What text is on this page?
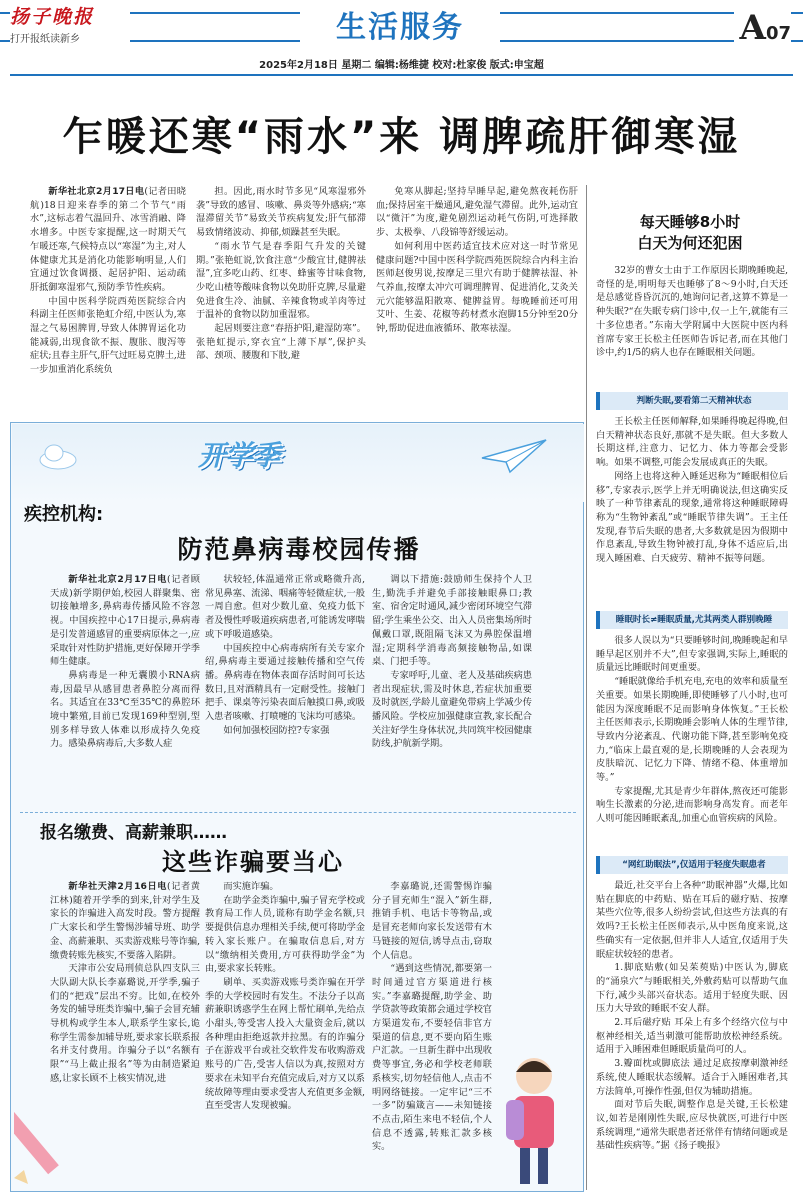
扬子晚报
打开报纸读新乡	生活服务	A07
2025年2月18日 星期二 编辑:杨维捷 校对:杜家俊 版式:申宝超
乍暖还寒“雨水”来 调脾疏肝御寒湿

新华社北京2月17日电(记者田晓航)18日迎来春季的第二个节气“雨水”,这标志着气温回升、冰雪消融、降水增多。中医专家提醒,这一时期天气乍暖还寒,气候特点以“寒湿”为主,对人体健康尤其是消化功能影响明显,人们宜通过饮食调摄、起居护阳、运动疏肝抵御寒湿邪气,预防季节性疾病。

中国中医科学院西苑医院综合内科副主任医师张艳虹介绍,中医认为,寒湿之气易困脾胃,导致人体脾胃运化功能减弱,出现食欲不振、腹胀、腹泻等症状;且春主肝气,肝气过旺易克脾土,进一步加重消化系统负

担。因此,雨水时节多见“风寒湿邪外袭”导致的感冒、咳嗽、鼻炎等外感病;“寒湿滞留关节”易致关节疾病复发;肝气郁滞易致情绪波动、抑郁,烦躁甚至失眠。

“雨水节气是春季阳气升发的关键期。”张艳虹说,饮食注意“少酸宜甘,健脾祛湿”,宜多吃山药、红枣、蜂蜜等甘味食物,少吃山楂等酸味食物以免助肝克脾,尽量避免进食生冷、油腻、辛辣食物或羊肉等过于温补的食物以防加重湿邪。

起居则要注意“春捂护阳,避湿防寒”。张艳虹提示,穿衣宜“上薄下厚”,保护头部、颈项、腰腹和下肢,避

免寒从脚起;坚持早睡早起,避免熬夜耗伤肝血;保持居室干燥通风,避免湿气滞留。此外,运动宜以“微汗”为度,避免剧烈运动耗气伤阴,可选择散步、太极拳、八段锦等舒缓运动。

如何利用中医药适宜技术应对这一时节常见健康问题?中国中医科学院西苑医院综合内科主治医师赵俊男说,按摩足三里穴有助于健脾祛湿、补气养血,按摩太冲穴可调理脾胃、促进消化,艾灸关元穴能够温阳散寒、健脾益胃。每晚睡前还可用艾叶、生姜、花椒等药材煮水泡脚15分钟至20分钟,帮助促进血液循环、散寒祛湿。

每天睡够8小时
白天为何还犯困

32岁的曹女士由于工作原因长期晚睡晚起,奇怪的是,明明每天也睡够了8～9小时,白天还是总感觉昏昏沉沉的,她询问记者,这算不算是一种失眠?“在失眠专病门诊中,仅一上午,就能有三十多位患者。”东南大学附属中大医院中医内科首席专家王长松主任医师告诉记者,而在其他门诊中,约1/5的病人也存在睡眠相关问题。

判断失眠,要看第二天精神状态

王长松主任医师解释,如果睡得晚起得晚,但白天精神状态良好,那就不是失眠。但大多数人长期这样,注意力、记忆力、体力等都会受影响。如果不调整,可能会发展成真正的失眠。

网络上也将这种入睡延迟称为“睡眠相位后移”,专家表示,医学上并无明确说法,但这确实反映了一种节律紊乱的现象,通常将这种睡眠障碍称为“生物钟紊乱”或“睡眠节律失调”。王主任发现,春节后失眠的患者,大多数就是因为假期中作息紊乱,导致生物钟被打乱,身体不适应后,出现入睡困难、白天疲劳、精神不振等问题。

睡眠时长≠睡眠质量,尤其两类人群别晚睡

很多人误以为“只要睡够时间,晚睡晚起和早睡早起区别并不大”,但专家强调,实际上,睡眠的质量远比睡眠时间更重要。

“睡眠就像给手机充电,充电的效率和质量至关重要。如果长期晚睡,即使睡够了八小时,也可能因为深度睡眠不足而影响身体恢复。”王长松主任医师表示,长期晚睡会影响人体的生理节律,导致内分泌紊乱、代谢功能下降,甚至影响免疫力,“临床上最直观的是,长期晚睡的人会表现为皮肤暗沉、记忆力下降、情绪不稳、体重增加等。”

专家提醒,尤其是青少年群体,熬夜还可能影响生长激素的分泌,进而影响身高发育。而老年人则可能因睡眠紊乱,加重心血管疾病的风险。

“网红助眠法”,仅适用于轻度失眠患者

最近,社交平台上各种“助眠神器”火爆,比如贴在脚底的中药贴、贴在耳后的磁疗贴、按摩某些穴位等,很多人纷纷尝试,但这些方法真的有效吗?王长松主任医师表示,从中医角度来说,这些确实有一定依据,但并非人人适宜,仅适用于失眠症状较轻的患者。

1.脚底贴敷(如吴茱萸贴)中医认为,脚底的“涌泉穴”与睡眠相关,外敷药贴可以帮助气血下行,减少头部兴奋状态。适用于轻度失眠、因压力大导致的睡眠不安人群。

2.耳后磁疗贴 耳朵上有多个经络穴位与中枢神经相关,适当刺激可能帮助放松神经系统。适用于入睡困难但睡眠质量尚可的人。

3.瓣面枕或脚底法 通过足底按摩刺激神经系统,使人睡眠状态缓解。适合于入睡困难者,其方法简单,可操作性强,但仅为辅助措施。

面对节后失眠,调整作息是关键,王长松建议,如若是刚刚性失眠,应尽快就医,可进行中医系统调理,“通常失眠患者还常伴有情绪问题或是基础性疾病等。”据《扬子晚报》

开学季
疾控机构:
防范鼻病毒校园传播

新华社北京2月17日电(记者顾天成)新学期伊始,校园人群聚集、密切接触增多,鼻病毒传播风险不容忽视。中国疾控中心17日提示,鼻病毒是引发普通感冒的重要病原体之一,应采取针对性防护措施,更好保障开学季师生健康。

鼻病毒是一种无囊膜小RNA病毒,因最早从感冒患者鼻腔分离而得名。其适宜在33℃至35℃的鼻腔环境中繁殖,目前已发现169种型别,型别多样导致人体难以形成持久免疫力。感染鼻病毒后,大多数人症

状较轻,体温通常正常或略微升高,常见鼻塞、流涕、咽痛等轻微症状,一般一周自愈。但对少数儿童、免疫力低下者及慢性呼吸道疾病患者,可能诱发哮喘或下呼吸道感染。

中国疾控中心病毒病所有关专家介绍,鼻病毒主要通过接触传播和空气传播。鼻病毒在物体表面存活时间可长达数日,且对酒精具有一定耐受性。接触门把手、课桌等污染表面后触摸口鼻,或吸入患者咳嗽、打喷嚏的飞沫均可感染。

如何加强校园防控?专家强

调以下措施:鼓励师生保持个人卫生,勤洗手并避免手部接触眼鼻口;教室、宿舍定时通风,减少密闭环境空气滞留;学生乘坐公交、出入人员密集场所时佩戴口罩,既阻隔飞沫又为鼻腔保温增湿;定期科学消毒高频接触物品,如课桌、门把手等。

专家呼吁,儿童、老人及基础疾病患者出现症状,需及时休息,若症状加重要及时就医,学龄儿童避免带病上学减少传播风险。学校应加强健康宣教,家长配合关注好学生身体状况,共同筑牢校园健康防线,护航新学期。

报名缴费、高薪兼职……
这些诈骗要当心

新华社天津2月16日电(记者黄江林)随着开学季的到来,针对学生及家长的诈骗进入高发时段。警方提醒广大家长和学生警惕涉辅导班、助学金、高薪兼职、买卖游戏账号等诈骗,缴费转账先核实,不要落入陷阱。

天津市公安局刑侦总队四支队三大队副大队长李嘉璐说,开学季,骗子们的“把戏”层出不穷。比如,在校外务发的辅导班类诈骗中,骗子会冒充辅导机构或学生本人,联系学生家长,诡称学生需参加辅导班,要求家长联系报名并支付费用。诈骗分子以“名额有限”“马上截止报名”等为由制造紧迫感,让家长顾不上核实情况,进

而实施诈骗。

在助学金类诈骗中,骗子冒充学校或教育局工作人员,谎称有助学金名额,只要提供信息办理相关手续,便可将助学金转入家长账户。在骗取信息后,对方以“缴纳相关费用,方可获得助学金”为由,要求家长转账。

刷单、买卖游戏账号类诈骗在开学季的大学校园时有发生。不法分子以高薪兼职诱惑学生在网上帮忙刷单,先给点小甜头,等受害人投入大量资金后,就以各种理由拒绝返款并拉黑。有的诈骗分子在游戏平台或社交软件发布收购游戏账号的广告,受害人信以为真,按照对方要求在未知平台充值完成后,对方又以系统故障等理由要求受害人充值更多金额,直至受害人发现被骗。

李嘉璐说,还需警惕诈骗分子冒充师生“混入”新生群,推销手机、电话卡等物品,或是冒充老师向家长发送带有木马链接的短信,诱导点击,窃取个人信息。

“遇到这些情况,都要第一时间通过官方渠道进行核实。”李嘉璐提醒,助学金、助学贷款等政策都会通过学校官方渠道发布,不要轻信非官方渠道的信息,更不要向陌生账户汇款。一旦新生群中出现收费等事宜,务必和学校老师联系核实,切勿轻信他人,点击不明网络链接。一定牢记“三不一多”防骗箴言——未知链接不点击,陌生来电不轻信,个人信息不透露,转账汇款多核实。
